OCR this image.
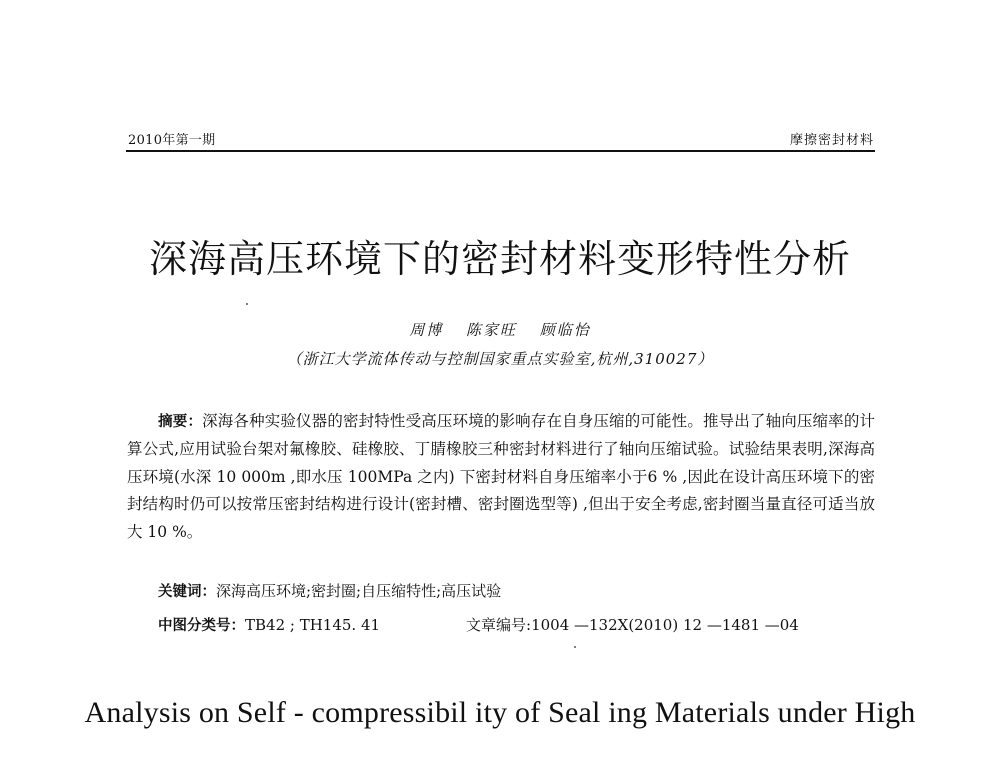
2010年第一期	摩擦密封材料
深海高压环境下的密封材料变形特性分析
周博 陈家旺 顾临怡
（浙江大学流体传动与控制国家重点实验室,杭州,310027）

摘要：深海各种实验仪器的密封特性受高压环境的影响存在自身压缩的可能性。推导出了轴向压缩率的计算公式,应用试验台架对氟橡胶、硅橡胶、丁腈橡胶三种密封材料进行了轴向压缩试验。试验结果表明,深海高压环境(水深 10 000m ,即水压 100MPa 之内) 下密封材料自身压缩率小于6 % ,因此在设计高压环境下的密封结构时仍可以按常压密封结构进行设计(密封槽、密封圈选型等) ,但出于安全考虑,密封圈当量直径可适当放大 10 %。

关键词：深海高压环境;密封圈;自压缩特性;高压试验
中图分类号：TB42 ; TH145. 41	文章编号:1004 —132X(2010) 12 —1481 —04
Analysis on Self - compressibil ity of Seal ing Materials under High
